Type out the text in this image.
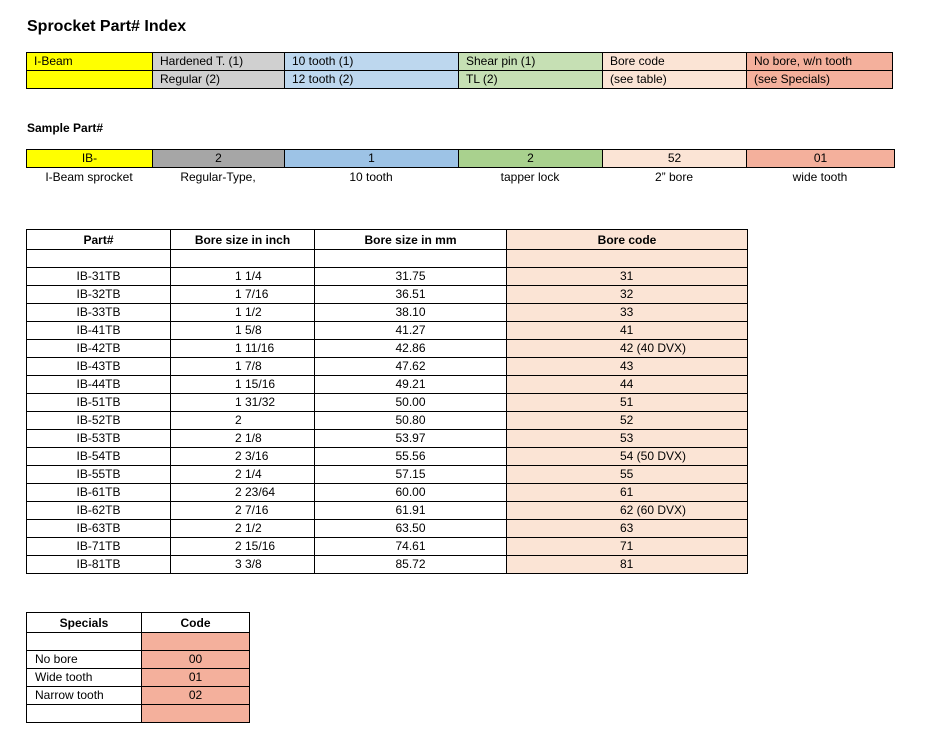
Sprocket Part# Index
I-Beam	Hardened T. (1)	10 tooth (1)	Shear pin (1)	Bore code	No bore, w/n tooth
	Regular (2)	12 tooth (2)	TL (2)	(see table)	(see Specials)
Sample Part#
IB-	2	1	2	52	01
I-Beam sprocket	Regular-Type,	10 tooth	tapper lock	2” bore	wide tooth
Part#	Bore size in inch	Bore size in mm	Bore code

IB-31TB	1 1/4	31.75	31
IB-32TB	1 7/16	36.51	32
IB-33TB	1 1/2	38.10	33
IB-41TB	1 5/8	41.27	41
IB-42TB	1 11/16	42.86	42 (40 DVX)
IB-43TB	1 7/8	47.62	43
IB-44TB	1 15/16	49.21	44
IB-51TB	1 31/32	50.00	51
IB-52TB	2	50.80	52
IB-53TB	2 1/8	53.97	53
IB-54TB	2 3/16	55.56	54 (50 DVX)
IB-55TB	2 1/4	57.15	55
IB-61TB	2 23/64	60.00	61
IB-62TB	2 7/16	61.91	62 (60 DVX)
IB-63TB	2 1/2	63.50	63
IB-71TB	2 15/16	74.61	71
IB-81TB	3 3/8	85.72	81
Specials	Code

No bore	00
Wide tooth	01
Narrow tooth	02
